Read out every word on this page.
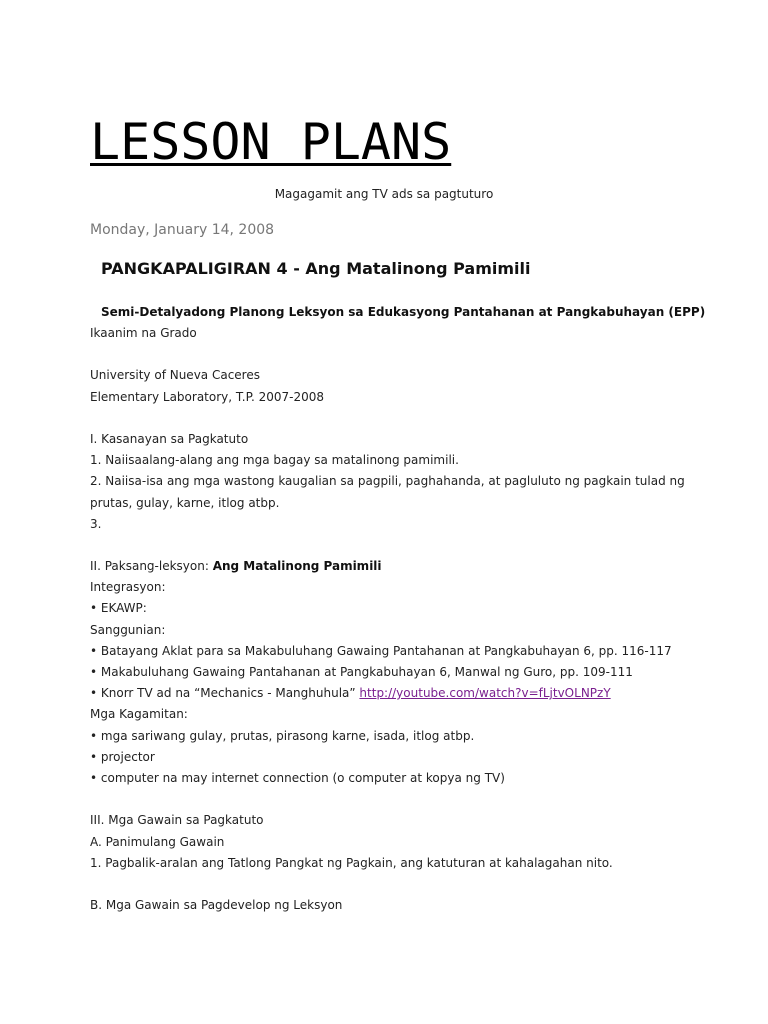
LESSON PLANS
Magagamit ang TV ads sa pagtuturo
Monday, January 14, 2008
PANGKAPALIGIRAN 4 - Ang Matalinong Pamimili
Semi-Detalyadong Planong Leksyon sa Edukasyong Pantahanan at Pangkabuhayan (EPP)
Ikaanim na Grado
University of Nueva Caceres
Elementary Laboratory, T.P. 2007-2008
I. Kasanayan sa Pagkatuto
1. Naiisaalang-alang ang mga bagay sa matalinong pamimili.
2. Naiisa-isa ang mga wastong kaugalian sa pagpili, paghahanda, at pagluluto ng pagkain tulad ng
prutas, gulay, karne, itlog atbp.
3.
II. Paksang-leksyon: Ang Matalinong Pamimili
Integrasyon:
• EKAWP:
Sanggunian:
• Batayang Aklat para sa Makabuluhang Gawaing Pantahanan at Pangkabuhayan 6, pp. 116-117
• Makabuluhang Gawaing Pantahanan at Pangkabuhayan 6, Manwal ng Guro, pp. 109-111
• Knorr TV ad na “Mechanics - Manghuhula” http://youtube.com/watch?v=fLjtvOLNPzY
Mga Kagamitan:
• mga sariwang gulay, prutas, pirasong karne, isada, itlog atbp.
• projector
• computer na may internet connection (o computer at kopya ng TV)
III. Mga Gawain sa Pagkatuto
A. Panimulang Gawain
1. Pagbalik-aralan ang Tatlong Pangkat ng Pagkain, ang katuturan at kahalagahan nito.
B. Mga Gawain sa Pagdevelop ng Leksyon
